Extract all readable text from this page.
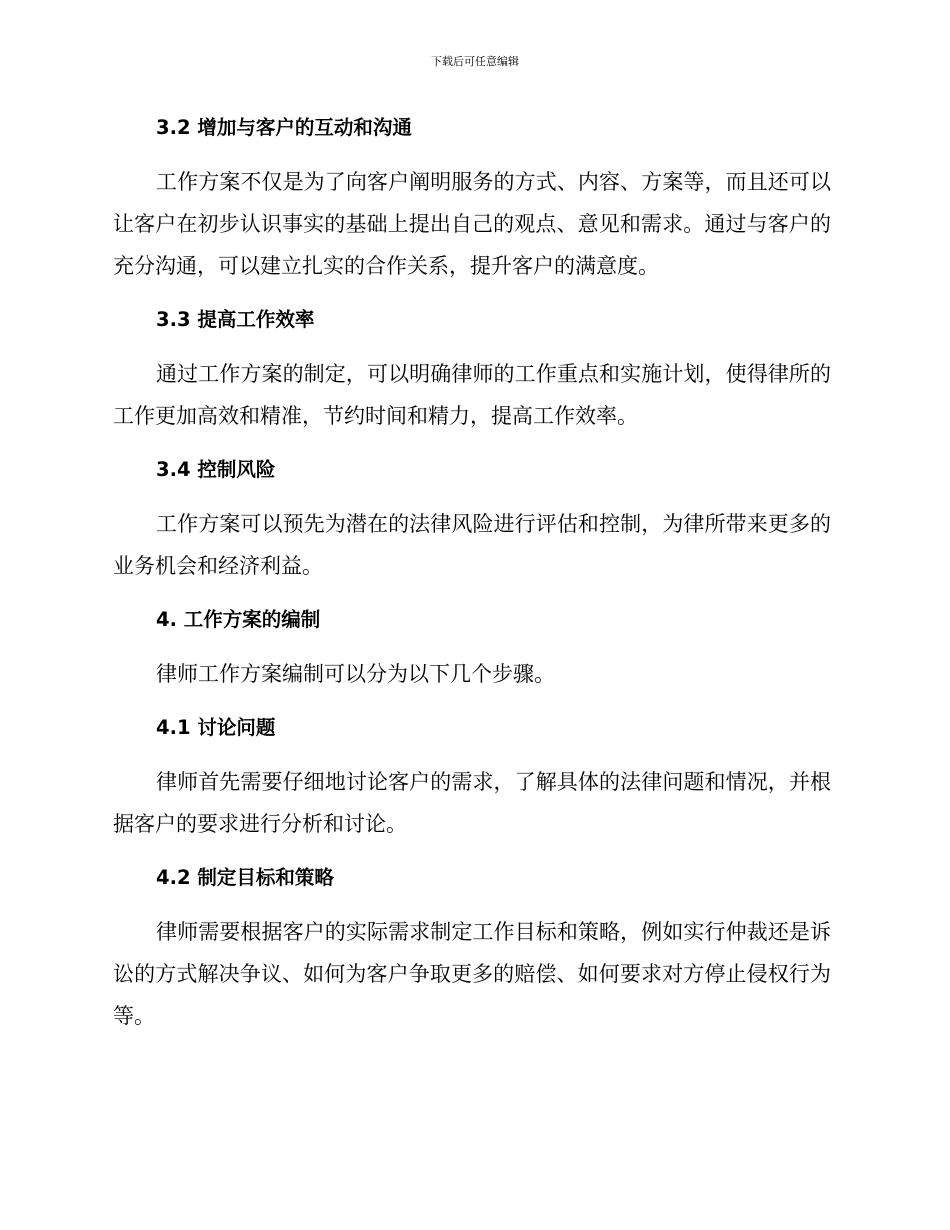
下载后可任意编辑
3.2 增加与客户的互动和沟通

工作方案不仅是为了向客户阐明服务的方式、内容、方案等，而且还可以让客户在初步认识事实的基础上提出自己的观点、意见和需求。通过与客户的充分沟通，可以建立扎实的合作关系，提升客户的满意度。

3.3 提高工作效率

通过工作方案的制定，可以明确律师的工作重点和实施计划，使得律所的工作更加高效和精准，节约时间和精力，提高工作效率。

3.4 控制风险

工作方案可以预先为潜在的法律风险进行评估和控制，为律所带来更多的业务机会和经济利益。

4. 工作方案的编制

律师工作方案编制可以分为以下几个步骤。

4.1 讨论问题

律师首先需要仔细地讨论客户的需求，了解具体的法律问题和情况，并根据客户的要求进行分析和讨论。

4.2 制定目标和策略

律师需要根据客户的实际需求制定工作目标和策略，例如实行仲裁还是诉讼的方式解决争议、如何为客户争取更多的赔偿、如何要求对方停止侵权行为等。
